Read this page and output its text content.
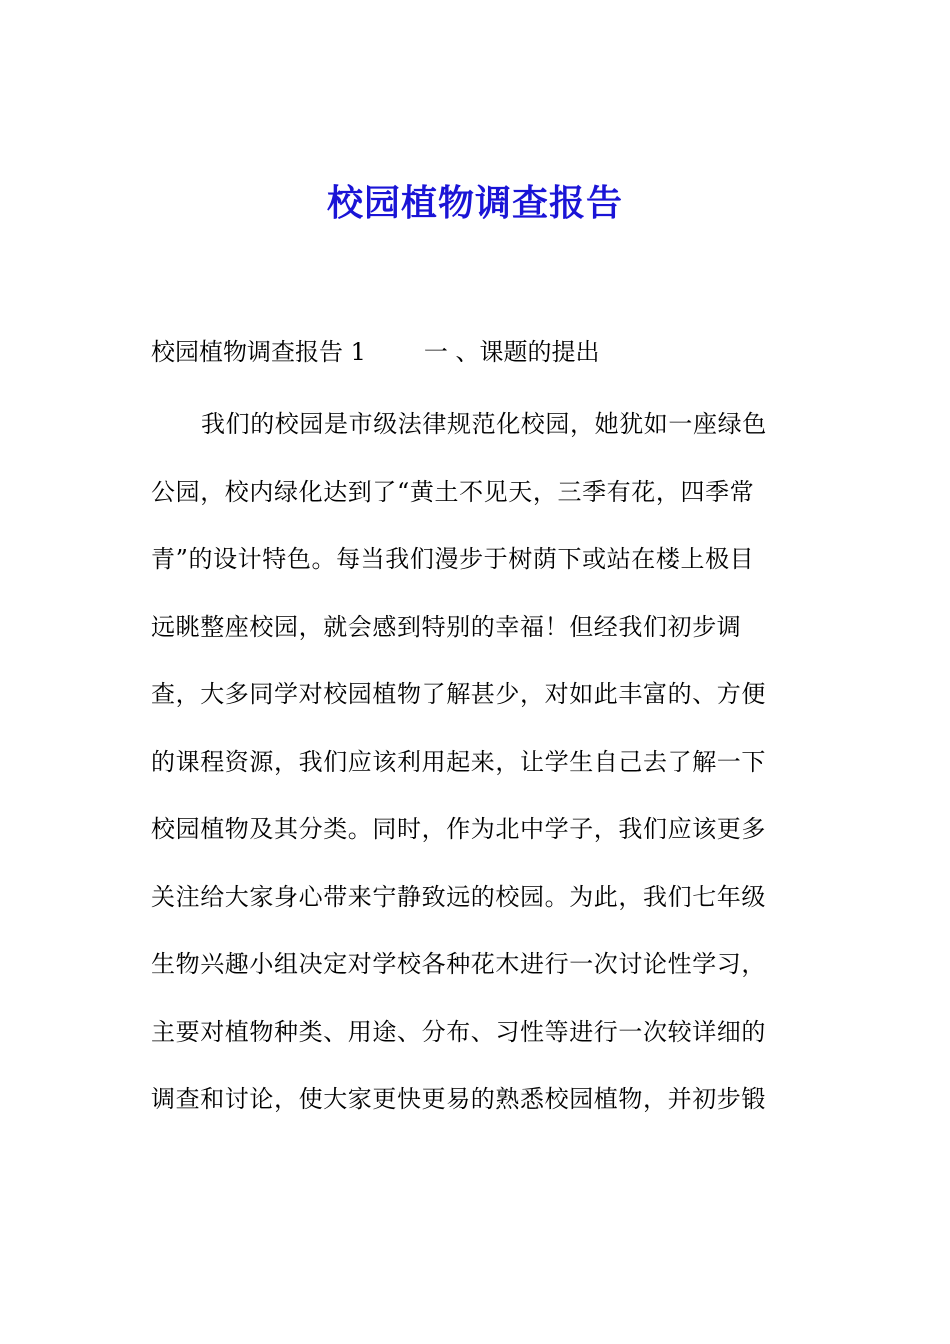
校园植物调查报告
校园植物调查报告 1 一 、课题的提出
我们的校园是市级法律规范化校园，她犹如一座绿色
公园，校内绿化达到了“黄土不见天，三季有花，四季常
青”的设计特色。每当我们漫步于树荫下或站在楼上极目
远眺整座校园，就会感到特别的幸福！但经我们初步调
查，大多同学对校园植物了解甚少，对如此丰富的、方便
的课程资源，我们应该利用起来，让学生自己去了解一下
校园植物及其分类。同时，作为北中学子，我们应该更多
关注给大家身心带来宁静致远的校园。为此，我们七年级
生物兴趣小组决定对学校各种花木进行一次讨论性学习，
主要对植物种类、用途、分布、习性等进行一次较详细的
调查和讨论，使大家更快更易的熟悉校园植物，并初步锻
